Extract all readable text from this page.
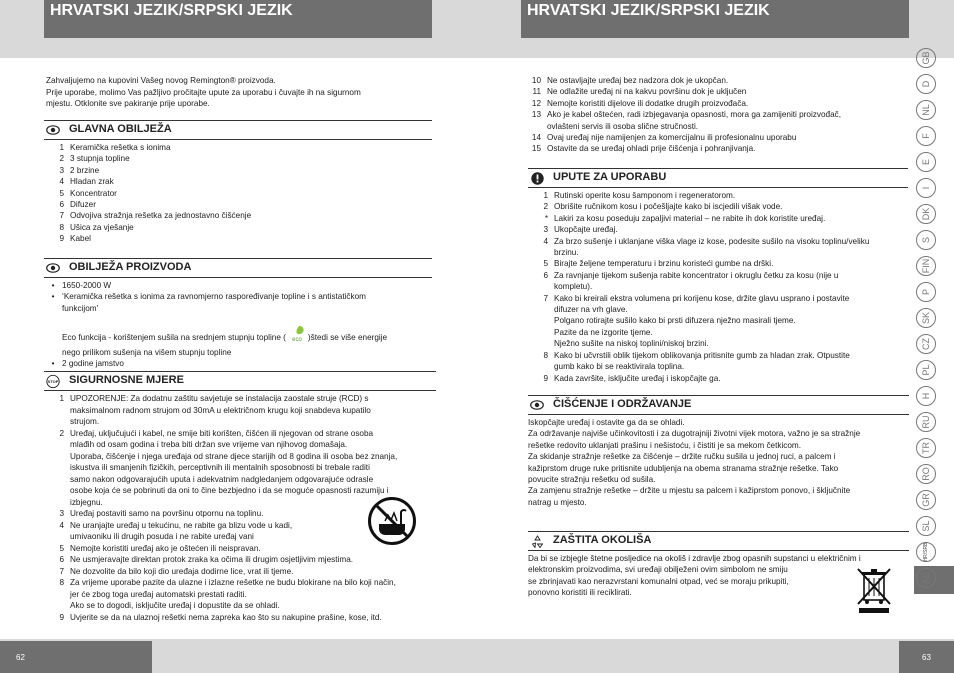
HRVATSKI JEZIK/SRPSKI JEZIK	HRVATSKI JEZIK/SRPSKI JEZIK
62	63
Zahvaljujemo na kupovini Vašeg novog Remington® proizvoda.
Prije uporabe, molimo Vas pažljivo pročitajte upute za uporabu i čuvajte ih na sigurnom
mjestu. Otklonite sve pakiranje prije uporabe.
GLAVNA OBILJEŽA
1 Keramička rešetka s ionima
2 3 stupnja topline
3 2 brzine
4 Hladan zrak
5 Koncentrator
6 Difuzer
7 Odvojiva stražnja rešetka za jednostavno čišćenje
8 Ušica za vješanje
9 Kabel
OBILJEŽA PROIZVODA
• 1650-2000 W
• ‘Keramička rešetka s ionima za ravnomjerno raspoređivanje topline i s antistatičkom
funkcijom’
Eco funkcija - korištenjem sušila na srednjem stupnju topline ( eco )štedi se više energije
nego prilikom sušenja na višem stupnju topline
• 2 godine jamstvo
STOP SIGURNOSNE MJERE
1 UPOZORENJE: Za dodatnu zaštitu savjetuje se instalacija zaostale struje (RCD) s
maksimalnom radnom strujom od 30mA u električnom krugu koji snabdeva kupatilo
strujom.
2 Uređaj, uključujući i kabel, ne smije biti korišten, čišćen ili njegovan od strane osoba
mlađih od osam godina i treba biti držan sve vrijeme van njihovog domašaja.
Uporaba, čišćenje i njega uređaja od strane djece starijih od 8 godina ili osoba bez znanja,
iskustva ili smanjenih fizičkih, perceptivnih ili mentalnih sposobnosti bi trebale raditi
samo nakon odgovarajućih uputa i adekvatnim nadgledanjem odgovarajuće odrasle
osobe koja će se pobrinuti da oni to čine bezbjedno i da se moguće opasnosti razumiju i
izbjegnu.
3 Uređaj postaviti samo na površinu otpornu na toplinu.
4 Ne uranjajte uređaj u tekućinu, ne rabite ga blizu vode u kadi,
umivaoniku ili drugih posuda i ne rabite uređaj vani
5 Nemojte koristiti uređaj ako je oštećen ili neispravan.
6 Ne usmjeravajte direktan protok zraka ka očima ili drugim osjetljivim mjestima.
7 Ne dozvolite da bilo koji dio uređaja dodirne lice, vrat ili tjeme.
8 Za vrijeme uporabe pazite da ulazne i izlazne rešetke ne budu blokirane na bilo koji način,
jer će zbog toga uređaj automatski prestati raditi.
Ako se to dogodi, isključite uređaj i dopustite da se ohladi.
9 Uvjerite se da na ulaznoj rešetki nema zapreka kao što su nakupine prašine, kose, itd.
10 Ne ostavljajte uređaj bez nadzora dok je ukopčan.
11 Ne odlažite uređaj ni na kakvu površinu dok je uključen
12 Nemojte koristiti dijelove ili dodatke drugih proizvođača.
13 Ako je kabel oštećen, radi izbjegavanja opasnosti, mora ga zamijeniti proizvođač,
ovlašteni servis ili osoba slične stručnosti.
14 Ovaj uređaj nije namijenjen za komercijalnu ili profesionalnu uporabu
15 Ostavite da se uređaj ohladi prije čišćenja i pohranjivanja.
UPUTE ZA UPORABU
1 Rutinski operite kosu šamponom i regeneratorom.
2 Obrišite ručnikom kosu i počešljajte kako bi iscjedili višak vode.
* Lakiri za kosu poseduju zapaljivi material – ne rabite ih dok koristite uređaj.
3 Ukopčajte uređaj.
4 Za brzo sušenje i uklanjane viška vlage iz kose, podesite sušilo na visoku toplinu/veliku
brzinu.
5 Birajte željene temperaturu i brzinu koristeći gumbe na drški.
6 Za ravnjanje tijekom sušenja rabite koncentrator i okruglu četku za kosu (nije u
kompletu).
7 Kako bi kreirali ekstra volumena pri korijenu kose, držite glavu usprano i postavite
difuzer na vrh glave.
Polgano rotirajte sušilo kako bi prsti difuzera nježno masirali tjeme.
Pazite da ne izgorite tjeme.
Nježno sušite na niskoj toplini/niskoj brzini.
8 Kako bi učvrstili oblik tijekom oblikovanja pritisnite gumb za hladan zrak. Otpustite
gumb kako bi se reaktivirala toplina.
9 Kada završite, isključite uređaj i iskopčajte ga.
ČIŠĆENJE I ODRŽAVANJE

Iskopčajte uređaj i ostavite ga da se ohladi.

Za održavanje najviše učinkovitosti i za dugotrajniji životni vijek motora, važno je sa stražnje

rešetke redovito uklanjati prašinu i nešistoću, i čistiti je sa mekom četkicom.

Za skidanje stražnje rešetke za čišćenje – držite ručku sušila u jednoj ruci, a palcem i

kažiprstom druge ruke pritisnite udubljenja na obema stranama stražnje rešetke. Tako

povucite stražnju rešetku od sušila.

Za zamjenu stražnje rešetke – držite u mjestu sa palcem i kažiprstom ponovo, i šključnite

natrag u mjesto.

ZAŠTITA OKOLIŠA

Da bi se izbjegle štetne posljedice na okoliš i zdravlje zbog opasnih supstanci u električnim i

elektronskim proizvodima, svi uređaji obilježeni ovim simbolom ne smiju

se zbrinjavati kao nerazvrstani komunalni otpad, već se moraju prikupiti,

ponovno koristiti ili reciklirati.

GB
D
NL
F
E
I
DK
S
FIN
P
SK
CZ
PL
H
RU
TR
RO
GR
SL
HR/SRB
AE
